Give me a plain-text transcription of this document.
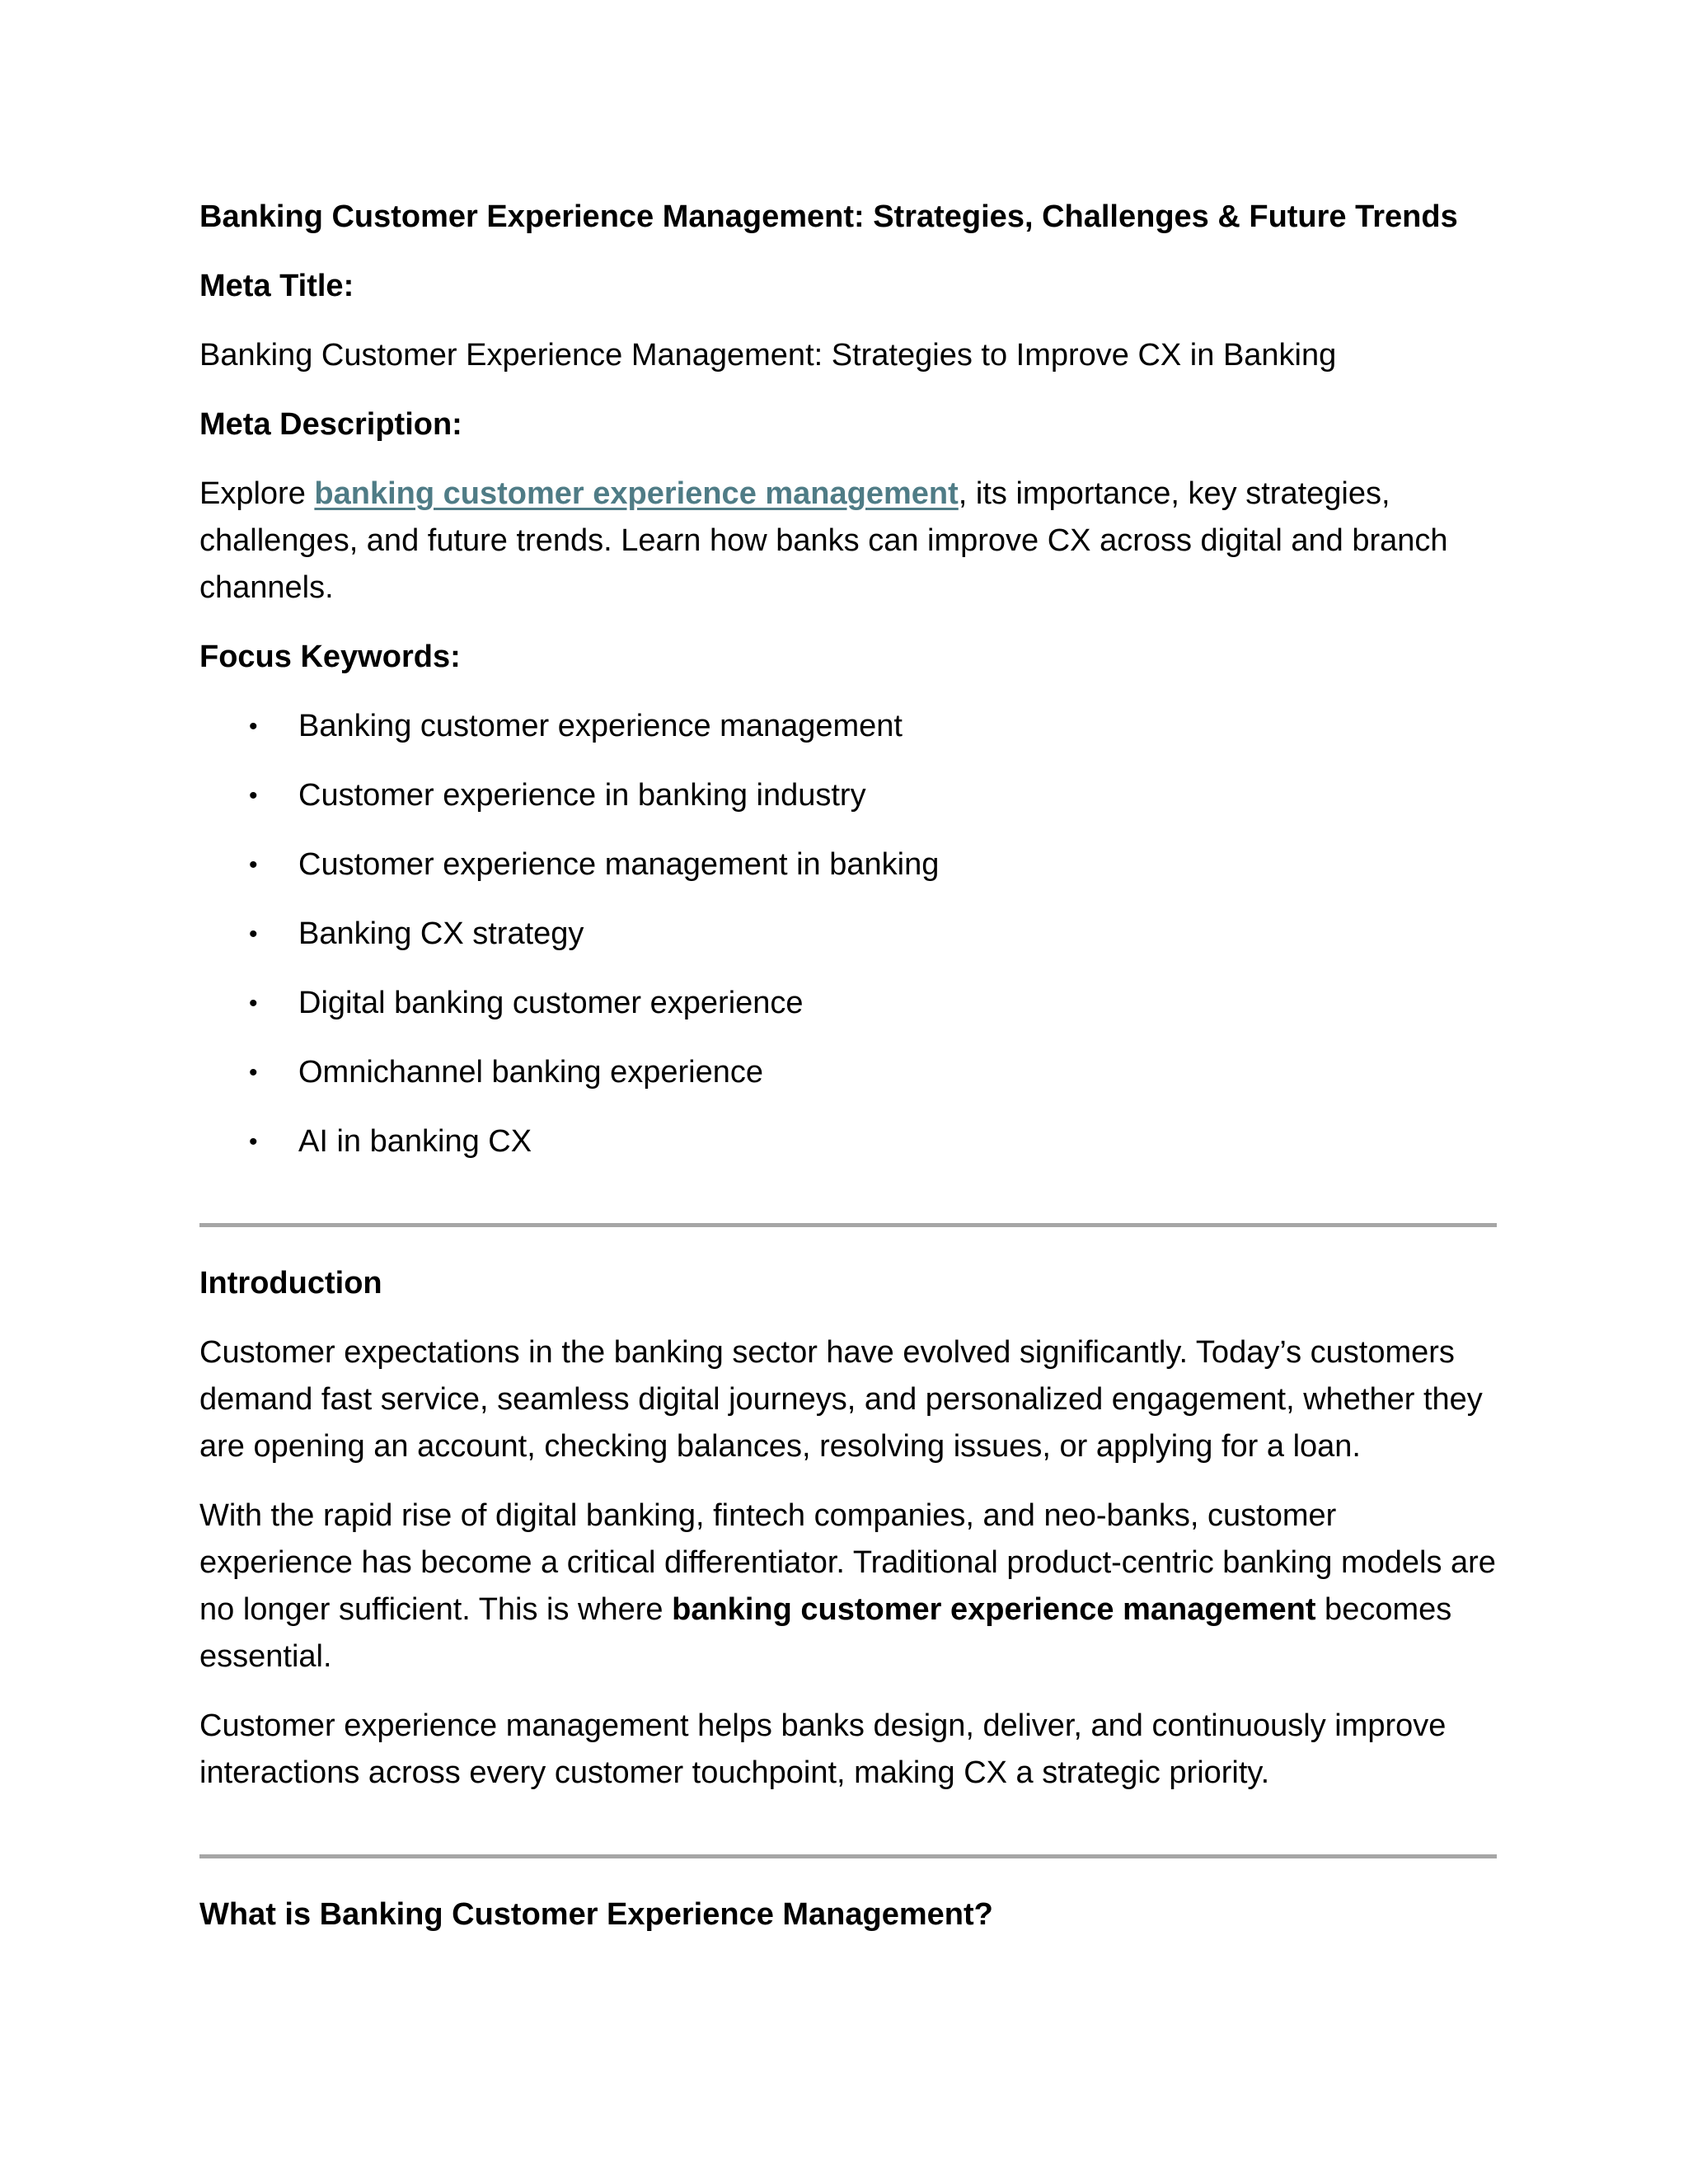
Banking Customer Experience Management: Strategies, Challenges & Future Trends

Meta Title:

Banking Customer Experience Management: Strategies to Improve CX in Banking

Meta Description:

Explore banking customer experience management, its importance, key strategies, challenges, and future trends. Learn how banks can improve CX across digital and branch channels.

Focus Keywords:

• Banking customer experience management
• Customer experience in banking industry
• Customer experience management in banking
• Banking CX strategy
• Digital banking customer experience
• Omnichannel banking experience
• AI in banking CX

Introduction

Customer expectations in the banking sector have evolved significantly. Today’s customers demand fast service, seamless digital journeys, and personalized engagement, whether they are opening an account, checking balances, resolving issues, or applying for a loan.

With the rapid rise of digital banking, fintech companies, and neo-banks, customer experience has become a critical differentiator. Traditional product-centric banking models are no longer sufficient. This is where banking customer experience management becomes essential.

Customer experience management helps banks design, deliver, and continuously improve interactions across every customer touchpoint, making CX a strategic priority.

What is Banking Customer Experience Management?
